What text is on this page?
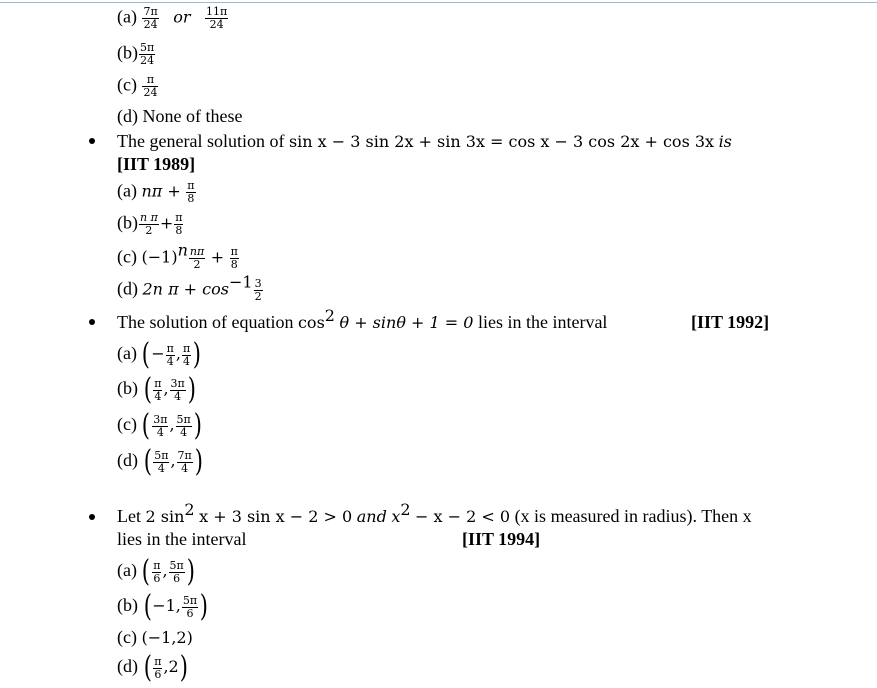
$(a) \frac{7\pi}{24}$ or $\frac{11\pi}{24}$
$(b) \frac{5\pi}{24}$
$(c) \frac{\pi}{24}$
(d) None of these
The general solution of sin x − 3 sin 2x + sin 3x = cos x − 3 cos 2x + cos 3x is
[IIT 1989]
(a) $n\pi + \frac{\pi}{8}$
$(b) \frac{\text{n π}}{2} + \frac{\pi}{8}$
(c) $(-1)^n \frac{n\pi}{2} + \frac{\pi}{8}$
(d) 2n $\pi + \cos^{-1} \frac{3}{2}$
The solution of equation $\cos^2 \theta + \sin\theta + 1 = 0$ lies in the interval	[IIT 1992]
(a) (− $\frac{\pi}{4}$ , $\frac{\pi}{4}$ )
(b) ( $\frac{\pi}{4}$ , $\frac{3\pi}{4}$ )
(c) ( $\frac{3\pi}{4}$ , $\frac{5\pi}{4}$ )
(d) ( $\frac{5\pi}{4}$ , $\frac{7\pi}{4}$ )
Let 2 $\sin^2 x + 3$ sin x − 2 > 0 and $x^2 - x - 2 < 0$ (x is measured in radius). Then x
lies in the interval	[IIT 1994]
(a) ( $\frac{\pi}{6}$ , $\frac{5\pi}{6}$ )
(b) (−1, $\frac{5\pi}{6}$ )
(c) (−1,2)
(d) ( $\frac{\pi}{6} ,2$)
